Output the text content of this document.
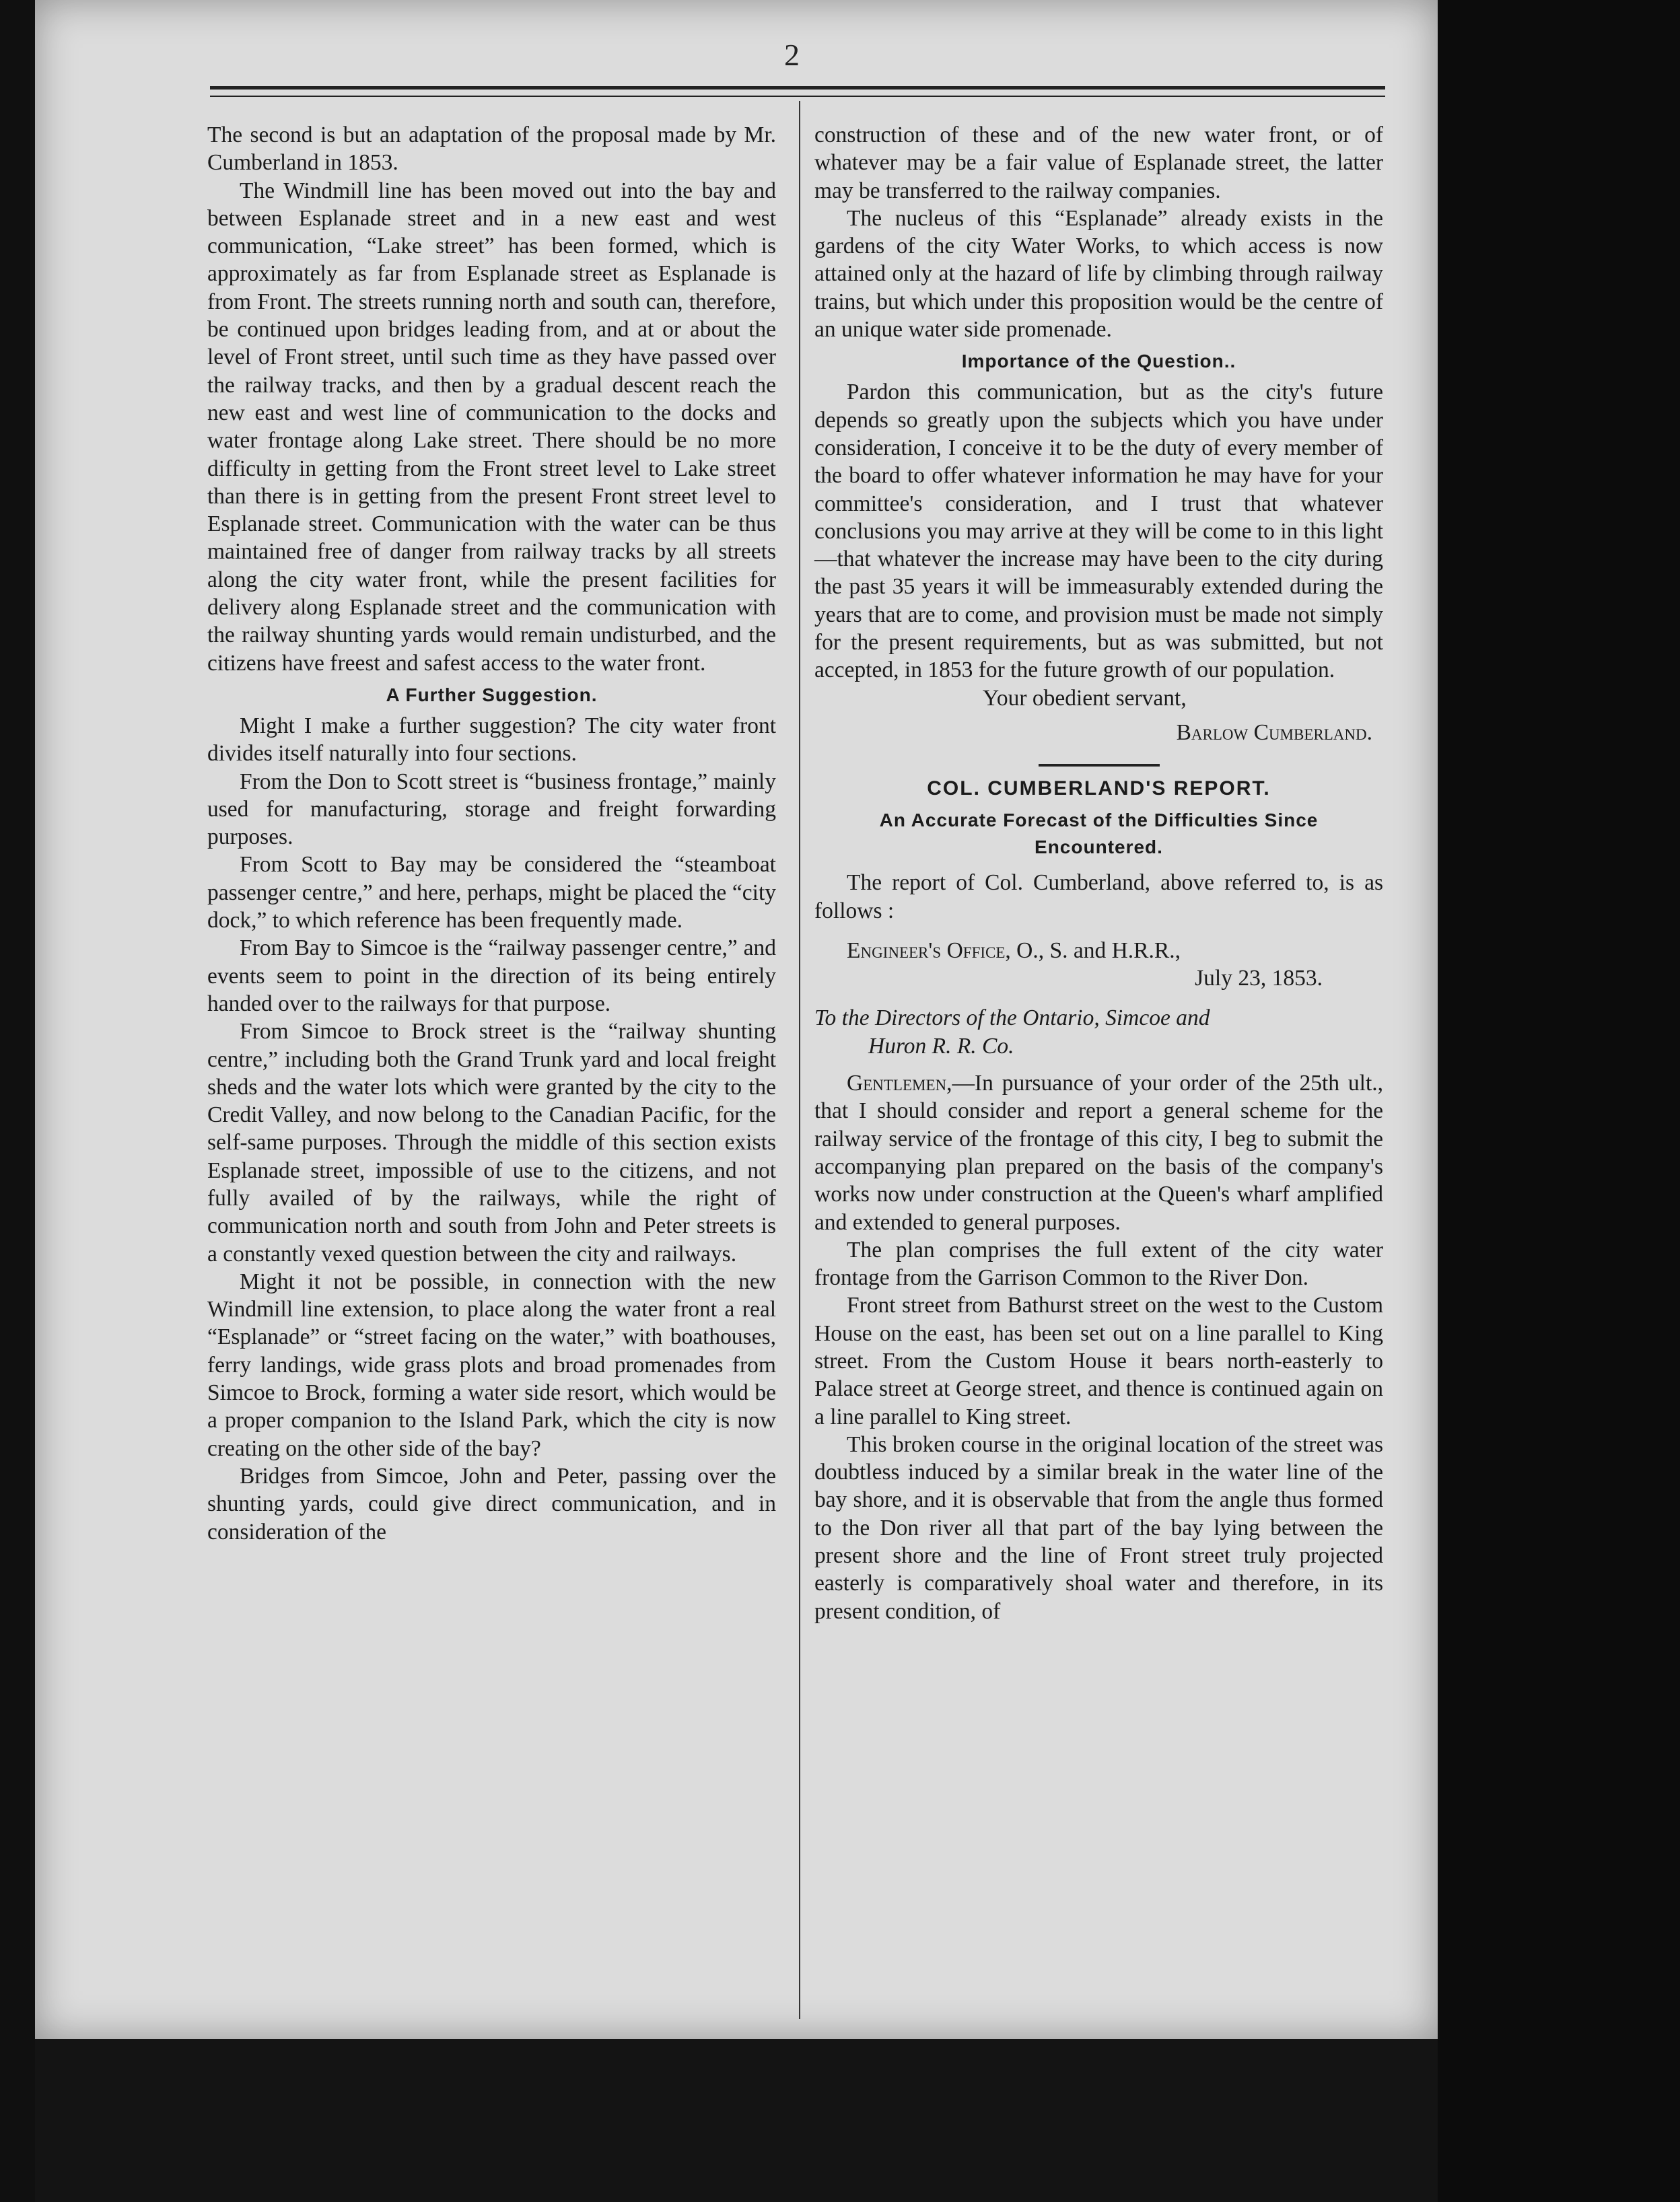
2

The second is but an adaptation of the proposal made by Mr. Cumberland in 1853.

The Windmill line has been moved out into the bay and between Esplanade street and in a new east and west communication, “Lake street” has been formed, which is approximately as far from Esplanade street as Esplanade is from Front. The streets running north and south can, therefore, be continued upon bridges leading from, and at or about the level of Front street, until such time as they have passed over the railway tracks, and then by a gradual descent reach the new east and west line of communication to the docks and water frontage along Lake street. There should be no more difficulty in getting from the Front street level to Lake street than there is in getting from the present Front street level to Esplanade street. Communication with the water can be thus maintained free of danger from railway tracks by all streets along the city water front, while the present facilities for delivery along Esplanade street and the communication with the railway shunting yards would remain undisturbed, and the citizens have freest and safest access to the water front.

A Further Suggestion.

Might I make a further suggestion? The city water front divides itself naturally into four sections.

From the Don to Scott street is “business frontage,” mainly used for manufacturing, storage and freight forwarding purposes.

From Scott to Bay may be considered the “steamboat passenger centre,” and here, perhaps, might be placed the “city dock,” to which reference has been frequently made.

From Bay to Simcoe is the “railway passenger centre,” and events seem to point in the direction of its being entirely handed over to the railways for that purpose.

From Simcoe to Brock street is the “railway shunting centre,” including both the Grand Trunk yard and local freight sheds and the water lots which were granted by the city to the Credit Valley, and now belong to the Canadian Pacific, for the self-same purposes. Through the middle of this section exists Esplanade street, impossible of use to the citizens, and not fully availed of by the railways, while the right of communication north and south from John and Peter streets is a constantly vexed question between the city and railways.

Might it not be possible, in connection with the new Windmill line extension, to place along the water front a real “Esplanade” or “street facing on the water,” with boathouses, ferry landings, wide grass plots and broad promenades from Simcoe to Brock, forming a water side resort, which would be a proper companion to the Island Park, which the city is now creating on the other side of the bay?

Bridges from Simcoe, John and Peter, passing over the shunting yards, could give direct communication, and in consideration of the

construction of these and of the new water front, or of whatever may be a fair value of Esplanade street, the latter may be transferred to the railway companies.

The nucleus of this “Esplanade” already exists in the gardens of the city Water Works, to which access is now attained only at the hazard of life by climbing through railway trains, but which under this proposition would be the centre of an unique water side promenade.

Importance of the Question..

Pardon this communication, but as the city's future depends so greatly upon the subjects which you have under consideration, I conceive it to be the duty of every member of the board to offer whatever information he may have for your committee's consideration, and I trust that whatever conclusions you may arrive at they will be come to in this light—that whatever the increase may have been to the city during the past 35 years it will be immeasurably extended during the years that are to come, and provision must be made not simply for the present requirements, but as was submitted, but not accepted, in 1853 for the future growth of our population.

Your obedient servant,

Barlow Cumberland.
COL. CUMBERLAND'S REPORT.
An Accurate Forecast of the Difficulties Since Encountered.

The report of Col. Cumberland, above referred to, is as follows :

Engineer's Office, O., S. and H.R.R.,
July 23, 1853.
To the Directors of the Ontario, Simcoe and
Huron R. R. Co.

Gentlemen,—In pursuance of your order of the 25th ult., that I should consider and report a general scheme for the railway service of the frontage of this city, I beg to submit the accompanying plan prepared on the basis of the company's works now under construction at the Queen's wharf amplified and extended to general purposes.

The plan comprises the full extent of the city water frontage from the Garrison Common to the River Don.

Front street from Bathurst street on the west to the Custom House on the east, has been set out on a line parallel to King street. From the Custom House it bears north-easterly to Palace street at George street, and thence is continued again on a line parallel to King street.

This broken course in the original location of the street was doubtless induced by a similar break in the water line of the bay shore, and it is observable that from the angle thus formed to the Don river all that part of the bay lying between the present shore and the line of Front street truly projected easterly is comparatively shoal water and therefore, in its present condition, of
